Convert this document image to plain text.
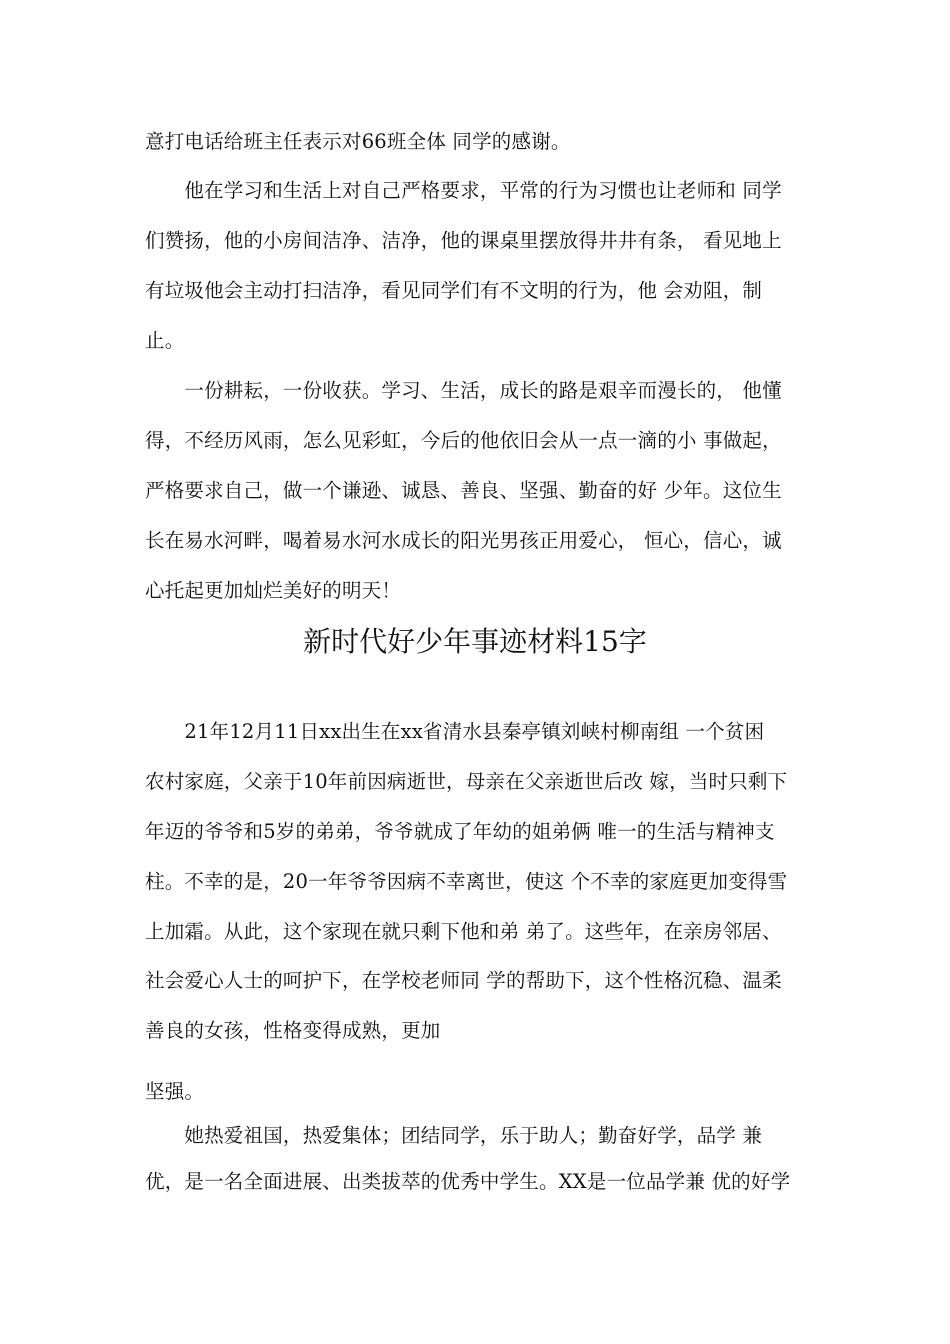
意打电话给班主任表示对66班全体 同学的感谢。
　　他在学习和生活上对自己严格要求，平常的行为习惯也让老师和 同学
们赞扬，他的小房间洁净、洁净，他的课桌里摆放得井井有条， 看见地上
有垃圾他会主动打扫洁净，看见同学们有不文明的行为，他 会劝阻，制
止。
　　一份耕耘，一份收获。学习、生活，成长的路是艰辛而漫长的， 他懂
得，不经历风雨，怎么见彩虹，今后的他依旧会从一点一滴的小 事做起，
严格要求自己，做一个谦逊、诚恳、善良、坚强、勤奋的好 少年。这位生
长在易水河畔，喝着易水河水成长的阳光男孩正用爱心， 恒心，信心，诚
心托起更加灿烂美好的明天！
新时代好少年事迹材料15字
　　21年12月11日xx出生在xx省清水县秦亭镇刘峡村柳南组 一个贫困
农村家庭，父亲于10年前因病逝世，母亲在父亲逝世后改 嫁，当时只剩下
年迈的爷爷和5岁的弟弟，爷爷就成了年幼的姐弟俩 唯一的生活与精神支
柱。不幸的是，20一年爷爷因病不幸离世，使这 个不幸的家庭更加变得雪
上加霜。从此，这个家现在就只剩下他和弟 弟了。这些年，在亲房邻居、
社会爱心人士的呵护下，在学校老师同 学的帮助下，这个性格沉稳、温柔
善良的女孩，性格变得成熟，更加
坚强。
　　她热爱祖国，热爱集体；团结同学，乐于助人；勤奋好学，品学 兼
优，是一名全面进展、出类拔萃的优秀中学生。XX是一位品学兼 优的好学
